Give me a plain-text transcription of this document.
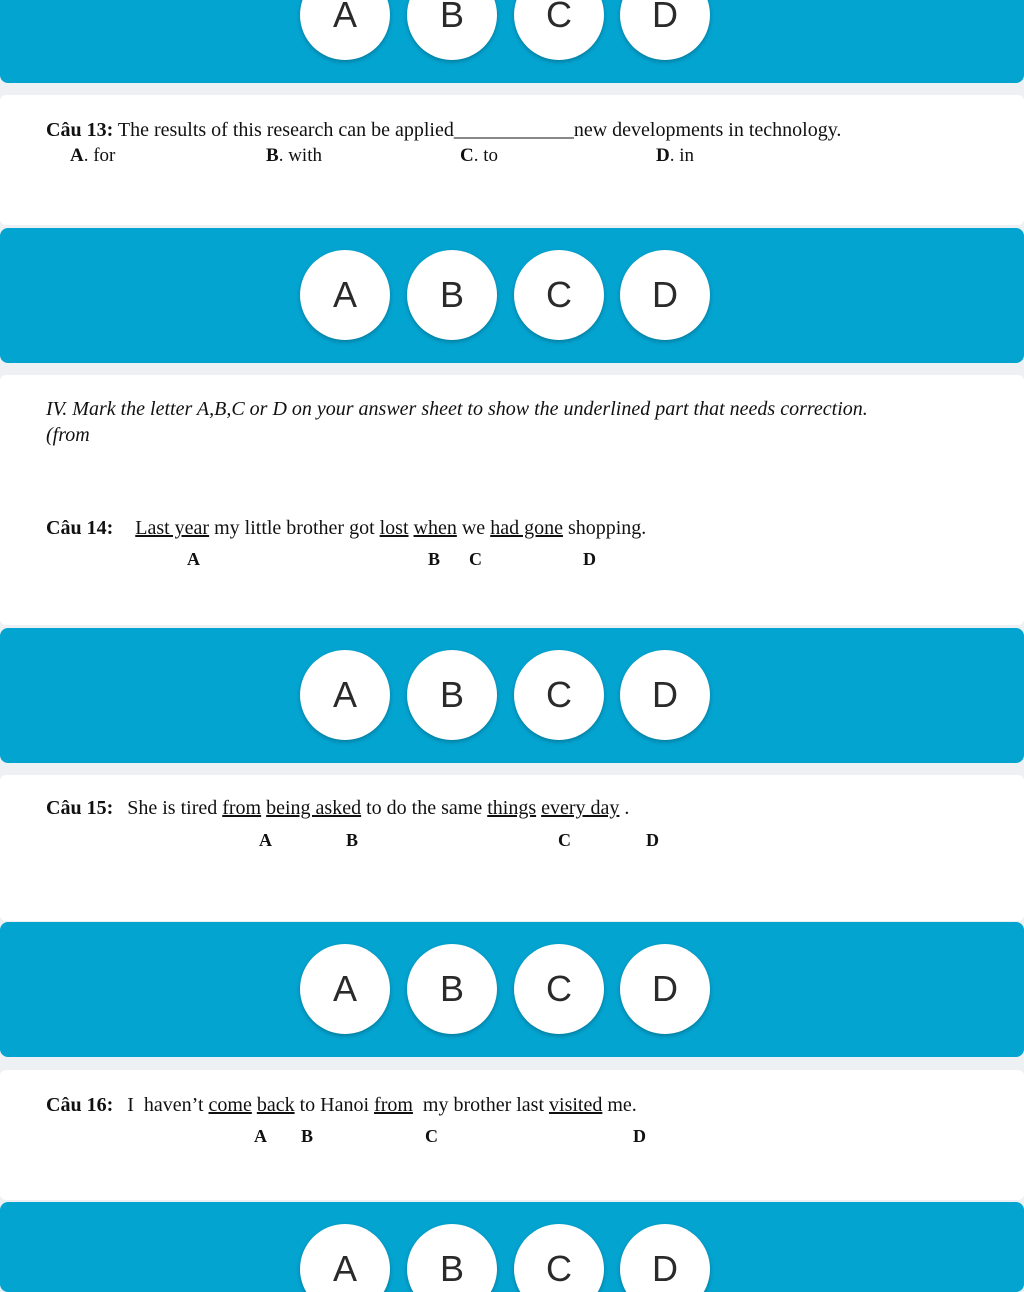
A	B	C	D
Câu 13: The results of this research can be applied____________new developments in technology.
A. for	B. with	C. to	D. in
A	B	C	D
IV. Mark the letter A,B,C or D on your answer sheet to show the underlined part that needs correction.
(from
Câu 14: Last year my little brother got lost when we had gone shopping.
A	B C	D
A	B	C	D
Câu 15: She is tired from being asked to do the same things every day .
A	B	C	D
A	B	C	D
Câu 16: I  haven’t come back to Hanoi from  my brother last visited me.
A B	C	D
A	B	C	D
